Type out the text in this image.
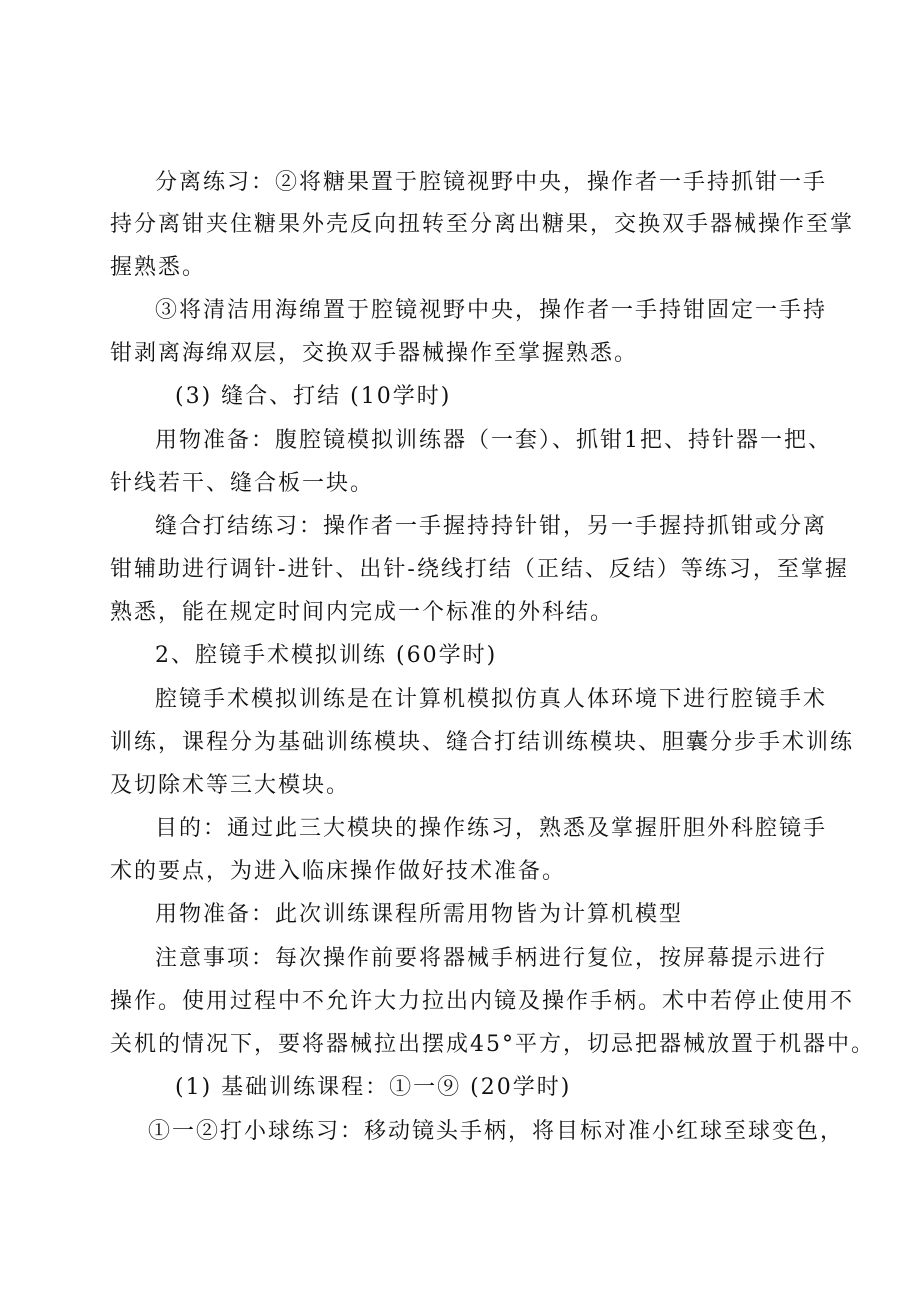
分离练习：②将糖果置于腔镜视野中央，操作者一手持抓钳一手
持分离钳夹住糖果外壳反向扭转至分离出糖果，交换双手器械操作至掌
握熟悉。
③将清洁用海绵置于腔镜视野中央，操作者一手持钳固定一手持
钳剥离海绵双层，交换双手器械操作至掌握熟悉。
(3) 缝合、打结 (10学时)
用物准备：腹腔镜模拟训练器（一套）、抓钳1把、持针器一把、
针线若干、缝合板一块。
缝合打结练习：操作者一手握持持针钳，另一手握持抓钳或分离
钳辅助进行调针-进针、出针-绕线打结（正结、反结）等练习，至掌握
熟悉，能在规定时间内完成一个标准的外科结。
2、腔镜手术模拟训练 (60学时)
腔镜手术模拟训练是在计算机模拟仿真人体环境下进行腔镜手术
训练，课程分为基础训练模块、缝合打结训练模块、胆囊分步手术训练
及切除术等三大模块。
目的：通过此三大模块的操作练习，熟悉及掌握肝胆外科腔镜手
术的要点，为进入临床操作做好技术准备。
用物准备：此次训练课程所需用物皆为计算机模型
注意事项：每次操作前要将器械手柄进行复位，按屏幕提示进行
操作。使用过程中不允许大力拉出内镜及操作手柄。术中若停止使用不
关机的情况下，要将器械拉出摆成45°平方，切忌把器械放置于机器中。
(1) 基础训练课程：①一⑨ (20学时)
①一②打小球练习：移动镜头手柄，将目标对准小红球至球变色，
